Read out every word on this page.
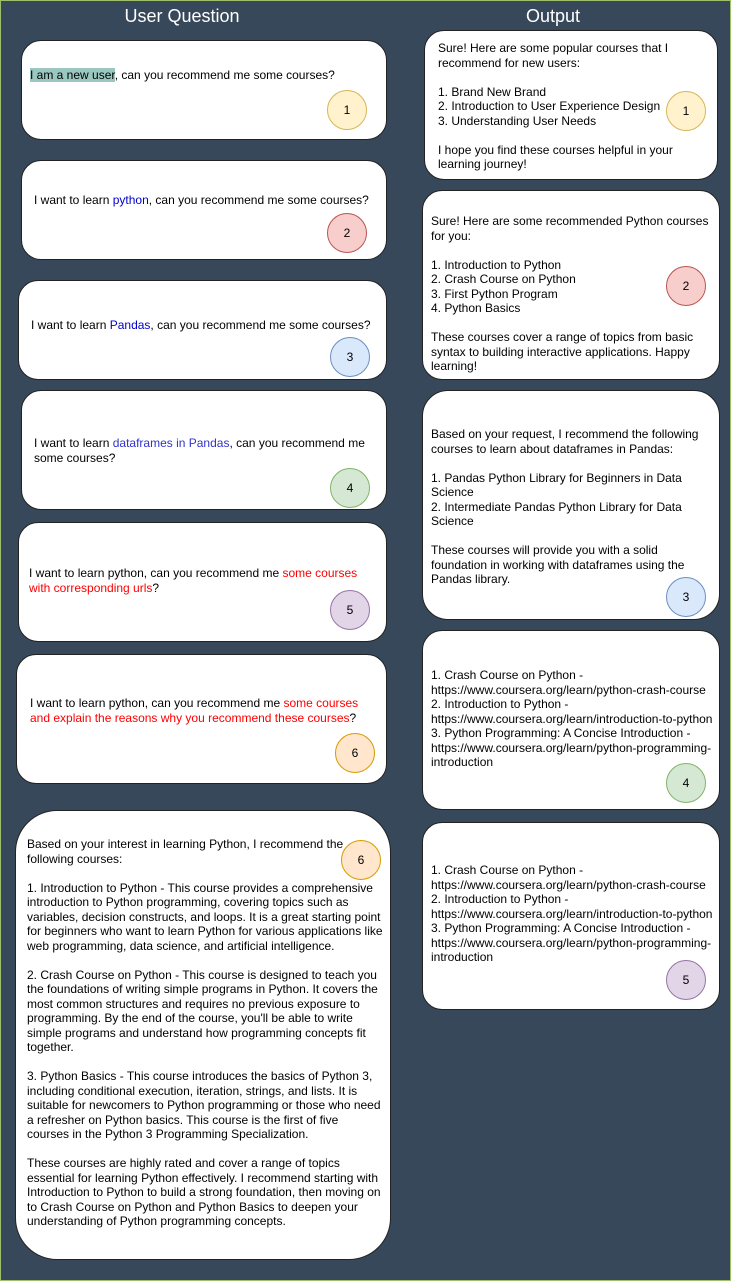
User Question	Output
I am a new user, can you recommend me some courses?
1
I want to learn python, can you recommend me some courses?
2
I want to learn Pandas, can you recommend me some courses?
3
I want to learn dataframes in Pandas, can you recommend me some courses?
4
I want to learn python, can you recommend me some courses with corresponding urls?
5
I want to learn python, can you recommend me some courses and explain the reasons why you recommend these courses?
6
Based on your interest in learning Python, I recommend the following courses:

1. Introduction to Python - This course provides a comprehensive introduction to Python programming, covering topics such as variables, decision constructs, and loops. It is a great starting point for beginners who want to learn Python for various applications like web programming, data science, and artificial intelligence.

2. Crash Course on Python - This course is designed to teach you the foundations of writing simple programs in Python. It covers the most common structures and requires no previous exposure to programming. By the end of the course, you'll be able to write simple programs and understand how programming concepts fit together.

3. Python Basics - This course introduces the basics of Python 3, including conditional execution, iteration, strings, and lists. It is suitable for newcomers to Python programming or those who need a refresher on Python basics. This course is the first of five courses in the Python 3 Programming Specialization.

These courses are highly rated and cover a range of topics essential for learning Python effectively. I recommend starting with Introduction to Python to build a strong foundation, then moving on to Crash Course on Python and Python Basics to deepen your understanding of Python programming concepts.
6
Sure! Here are some popular courses that I recommend for new users:

1. Brand New Brand
2. Introduction to User Experience Design
3. Understanding User Needs

I hope you find these courses helpful in your learning journey!
1
Sure! Here are some recommended Python courses for you:

1. Introduction to Python
2. Crash Course on Python
3. First Python Program
4. Python Basics

These courses cover a range of topics from basic syntax to building interactive applications. Happy learning!
2
Based on your request, I recommend the following courses to learn about dataframes in Pandas:

1. Pandas Python Library for Beginners in Data Science
2. Intermediate Pandas Python Library for Data Science

These courses will provide you with a solid foundation in working with dataframes using the Pandas library.
3
1. Crash Course on Python - https://www.coursera.org/learn/python-crash-course
2. Introduction to Python - https://www.coursera.org/learn/introduction-to-python
3. Python Programming: A Concise Introduction - https://www.coursera.org/learn/python-programming-introduction
4
1. Crash Course on Python - https://www.coursera.org/learn/python-crash-course
2. Introduction to Python - https://www.coursera.org/learn/introduction-to-python
3. Python Programming: A Concise Introduction - https://www.coursera.org/learn/python-programming-introduction
5
